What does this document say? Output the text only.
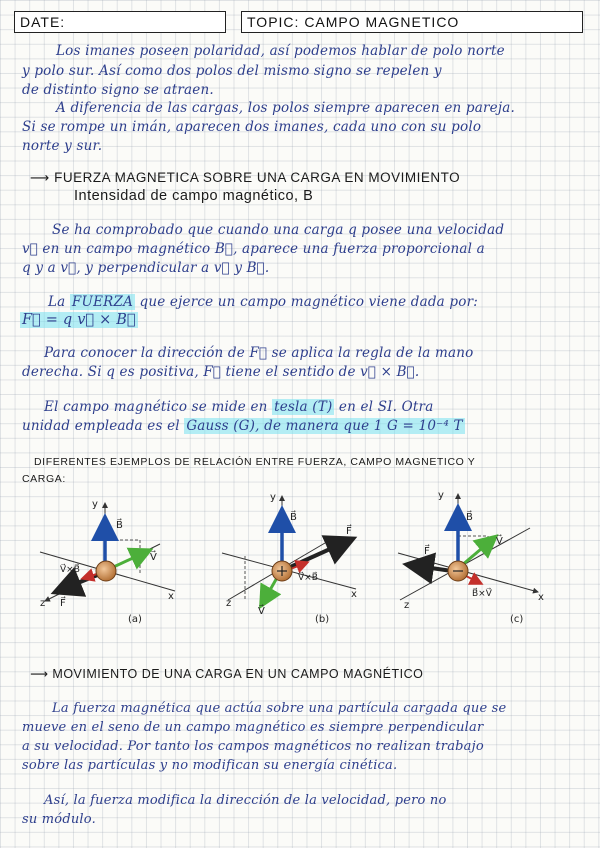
DATE:	TOPIC: CAMPO MAGNETICO
Los imanes poseen polaridad, así podemos hablar de polo norte
y polo sur. Así como dos polos del mismo signo se repelen y
de distinto signo se atraen.
A diferencia de las cargas, los polos siempre aparecen en pareja.
Si se rompe un imán, aparecen dos imanes, cada uno con su polo
norte y sur.
⟶ FUERZA MAGNETICA SOBRE UNA CARGA EN MOVIMIENTO
Intensidad de campo magnético, B
Se ha comprobado que cuando una carga q posee una velocidad
v⃗ en un campo magnético B⃗, aparece una fuerza proporcional a
q y a v⃗, y perpendicular a v⃗ y B⃗.
La FUERZA que ejerce un campo magnético viene dada por:
F⃗ = q v⃗ × B⃗
Para conocer la dirección de F⃗ se aplica la regla de la mano
derecha. Si q es positiva, F⃗ tiene el sentido de v⃗ × B⃗.
El campo magnético se mide en tesla (T) en el SI. Otra
unidad empleada es el Gauss (G), de manera que 1 G = 10⁻⁴ T
DIFERENTES EJEMPLOS DE RELACIÓN ENTRE FUERZA, CAMPO MAGNETICO Y
CARGA:
y
B⃗
V⃗
V⃗×B⃗
F⃗
z
x
(a)
y
B⃗
F⃗
V⃗×B⃗
V⃗
z
x
(b)
y
B⃗
V⃗
F⃗
B⃗×V⃗
z
x
(c)
⟶ MOVIMIENTO DE UNA CARGA EN UN CAMPO MAGNÉTICO
La fuerza magnética que actúa sobre una partícula cargada que se
mueve en el seno de un campo magnético es siempre perpendicular
a su velocidad. Por tanto los campos magnéticos no realizan trabajo
sobre las partículas y no modifican su energía cinética.
Así, la fuerza modifica la dirección de la velocidad, pero no
su módulo.
